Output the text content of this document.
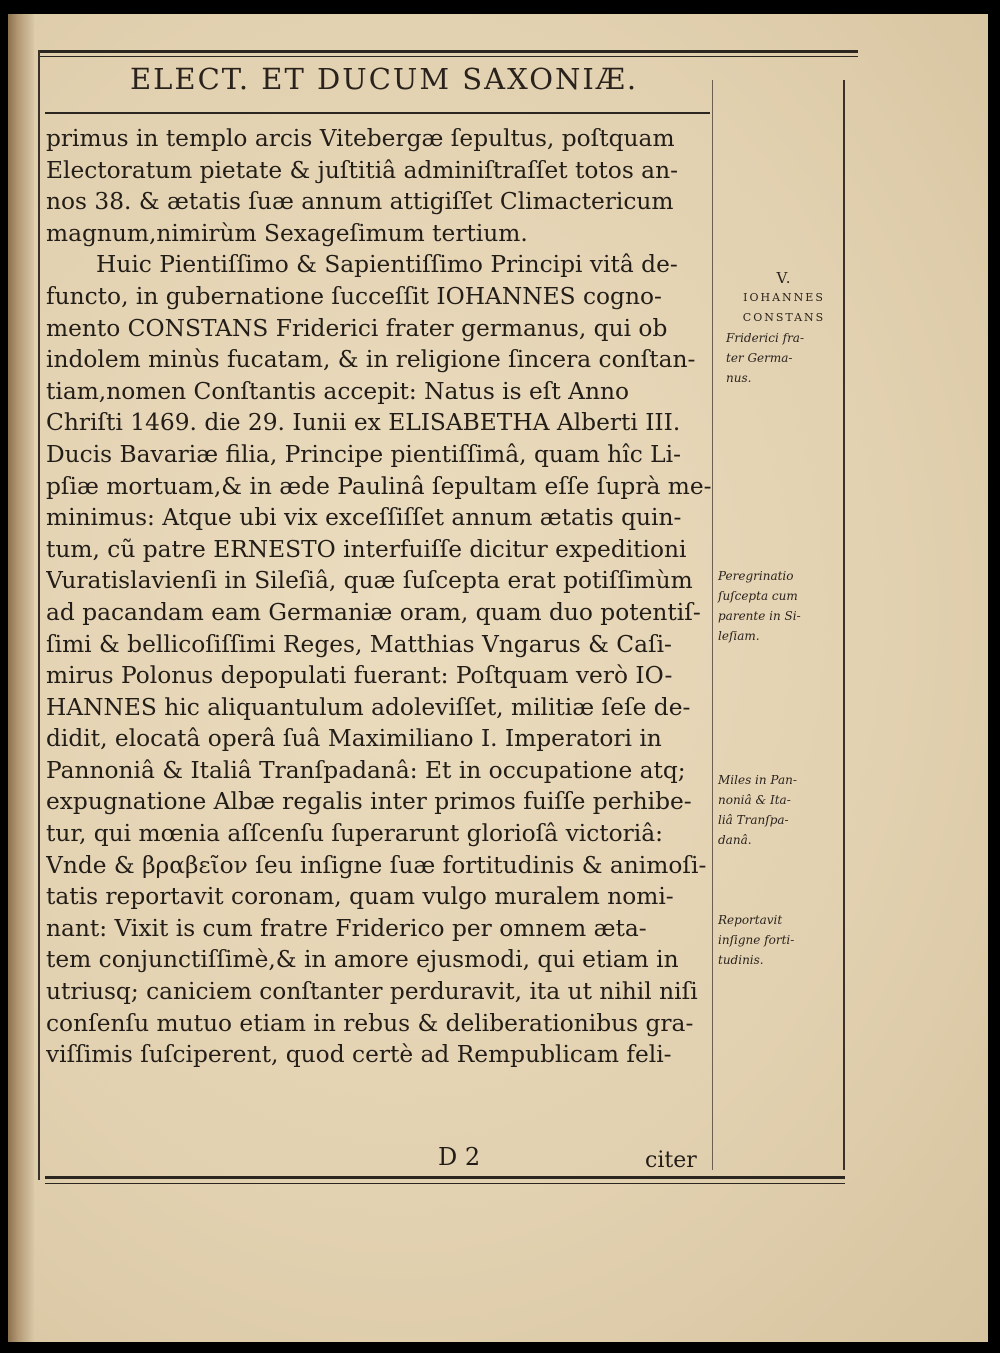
ELECT. ET DUCUM SAXONIÆ.
primus in templo arcis Vitebergæ ſepultus, poſtquam
Electoratum pietate & juſtitiâ adminiſtraſſet totos an-
nos 38. & ætatis ſuæ annum attigiſſet Climactericum
magnum,nimirùm Sexageſimum tertium.
Huic Pientiſſimo & Sapientiſſimo Principi vitâ de-
functo, in gubernatione ſucceſſit IOHANNES cogno-
mento CONSTANS Friderici frater germanus, qui ob
indolem minùs fucatam, & in religione ſincera conſtan-
tiam,nomen Conſtantis accepit: Natus is eſt Anno
Chriſti 1469. die 29. Iunii ex ELISABETHA Alberti III.
Ducis Bavariæ filia, Principe pientiſſimâ, quam hîc Li-
pſiæ mortuam,& in æde Paulinâ ſepultam eſſe ſuprà me-
minimus: Atque ubi vix exceſſiſſet annum ætatis quin-
tum, cũ patre ERNESTO interfuiſſe dicitur expeditioni
Vuratislavienſi in Sileſiâ, quæ ſuſcepta erat potiſſimùm
ad pacandam eam Germaniæ oram, quam duo potentiſ-
ſimi & bellicoſiſſimi Reges, Matthias Vngarus & Caſi-
mirus Polonus depopulati fuerant: Poſtquam verò IO-
HANNES hic aliquantulum adoleviſſet, militiæ ſeſe de-
didit, elocatâ operâ ſuâ Maximiliano I. Imperatori in
Pannoniâ & Italiâ Tranſpadanâ: Et in occupatione atq;
expugnatione Albæ regalis inter primos fuiſſe perhibe-
tur, qui mœnia aſſcenſu ſuperarunt glorioſâ victoriâ:
Vnde & βραβεῖον ſeu inſigne ſuæ fortitudinis & animoſi-
tatis reportavit coronam, quam vulgo muralem nomi-
nant: Vixit is cum fratre Friderico per omnem æta-
tem conjunctiſſimè,& in amore ejusmodi, qui etiam in
utriusq; caniciem conſtanter perduravit, ita ut nihil niſi
conſenſu mutuo etiam in rebus & deliberationibus gra-
viſſimis ſuſciperent, quod certè ad Rempublicam feli-
V.
IOHANNES
CONSTANS
Friderici fra-
ter Germa-
nus.
Peregrinatio
ſuſcepta cum
parente in Si-
leſiam.
Miles in Pan-
noniâ & Ita-
liâ Tranſpa-
danâ.
Reportavit
inſigne forti-
tudinis.
D 2	citer
